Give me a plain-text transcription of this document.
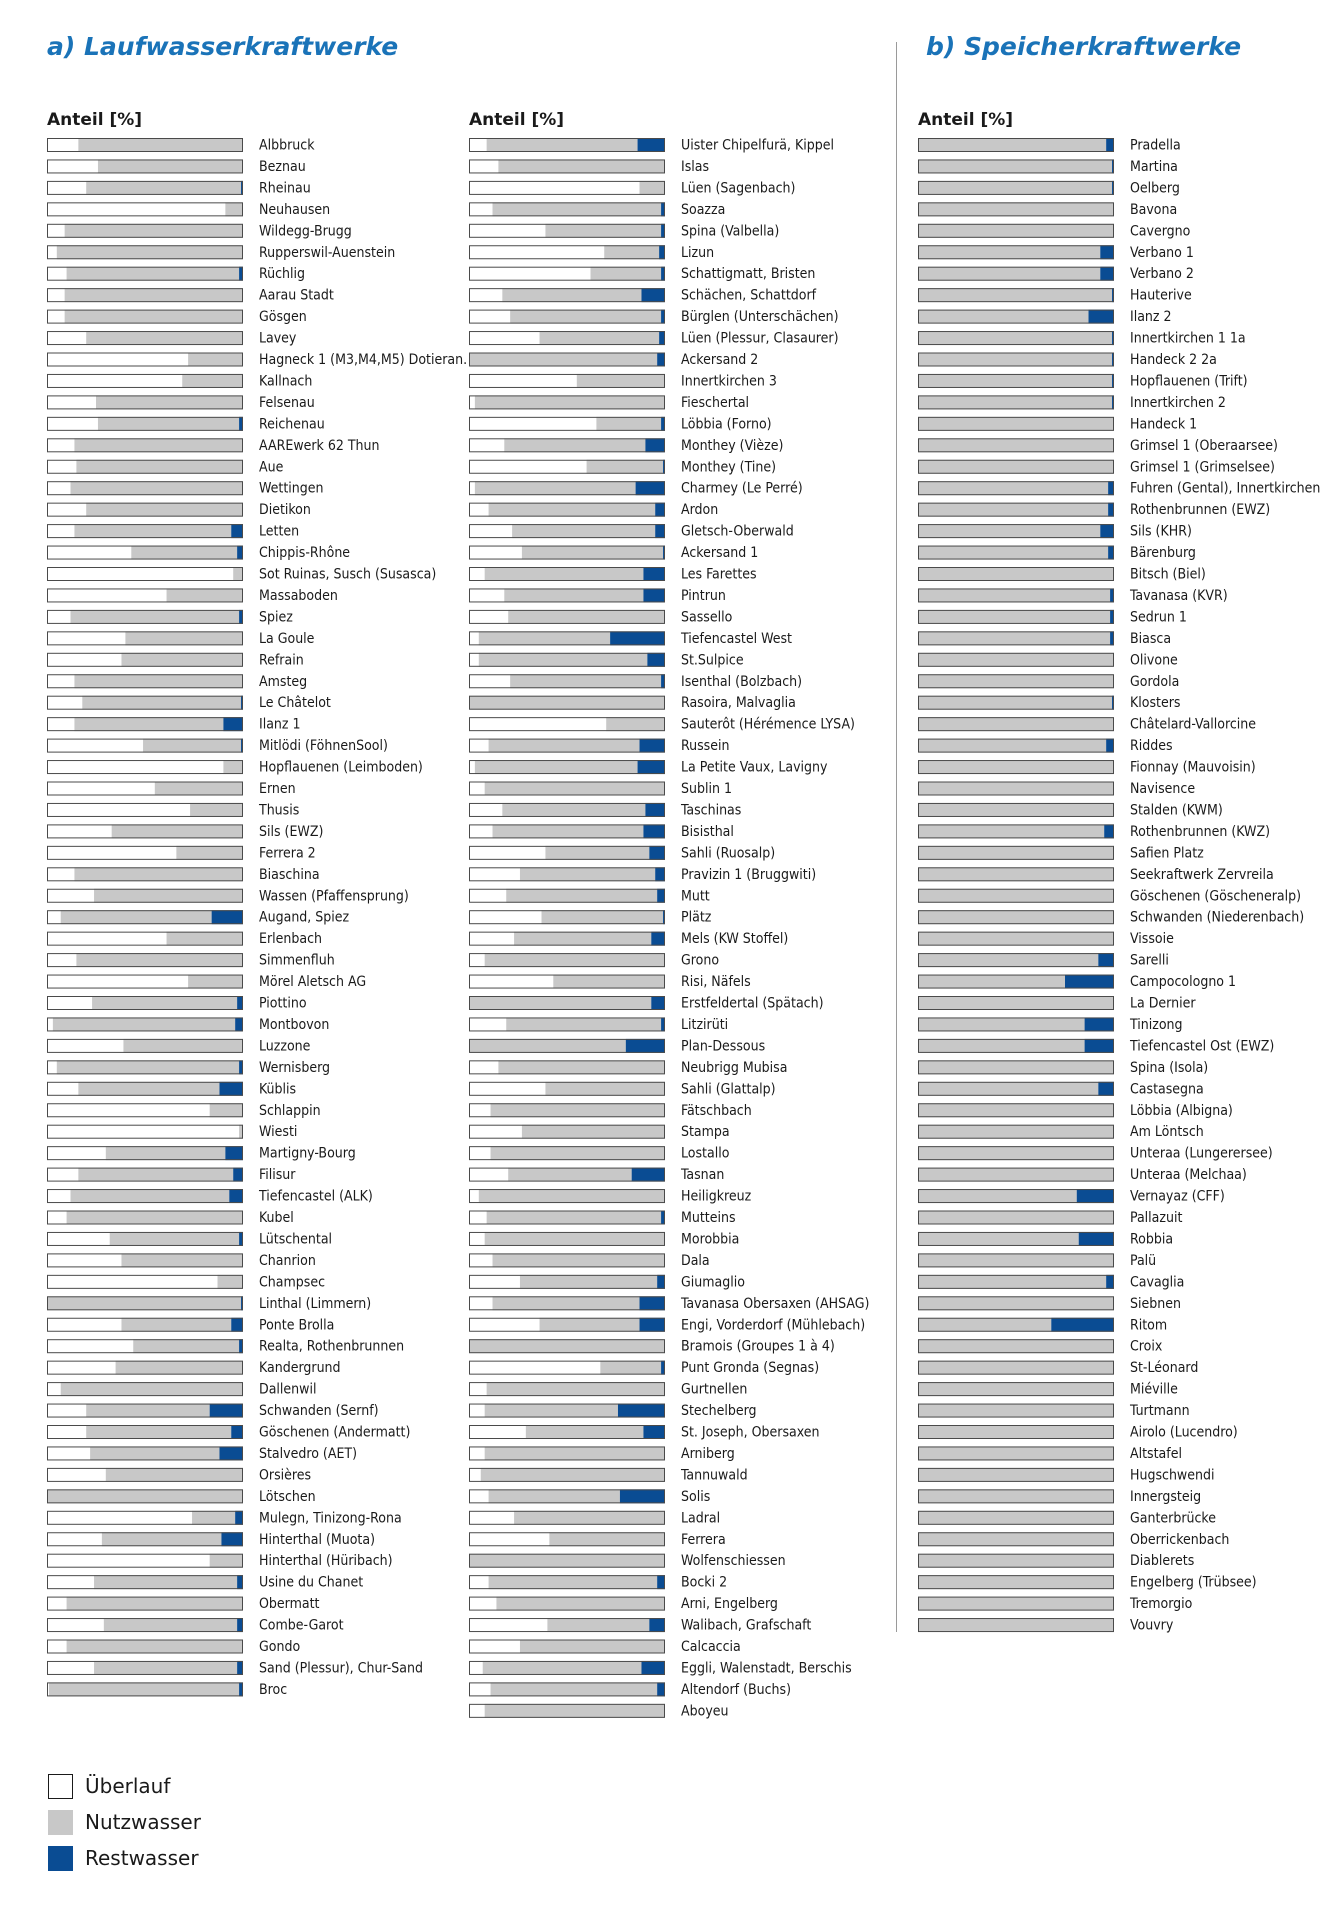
a) Laufwasserkraftwerke	b) Speicherkraftwerke
Anteil [%]	Anteil [%]	Anteil [%]
Albbruck
Beznau
Rheinau
Neuhausen
Wildegg-Brugg
Rupperswil-Auenstein
Rüchlig
Aarau Stadt
Gösgen
Lavey
Hagneck 1 (M3,M4,M5) Dotieran.
Kallnach
Felsenau
Reichenau
AAREwerk 62 Thun
Aue
Wettingen
Dietikon
Letten
Chippis-Rhône
Sot Ruinas, Susch (Susasca)
Massaboden
Spiez
La Goule
Refrain
Amsteg
Le Châtelot
Ilanz 1
Mitlödi (FöhnenSool)
Hopflauenen (Leimboden)
Ernen
Thusis
Sils (EWZ)
Ferrera 2
Biaschina
Wassen (Pfaffensprung)
Augand, Spiez
Erlenbach
Simmenfluh
Mörel Aletsch AG
Piottino
Montbovon
Luzzone
Wernisberg
Küblis
Schlappin
Wiesti
Martigny-Bourg
Filisur
Tiefencastel (ALK)
Kubel
Lütschental
Chanrion
Champsec
Linthal (Limmern)
Ponte Brolla
Realta, Rothenbrunnen
Kandergrund
Dallenwil
Schwanden (Sernf)
Göschenen (Andermatt)
Stalvedro (AET)
Orsières
Lötschen
Mulegn, Tinizong-Rona
Hinterthal (Muota)
Hinterthal (Hüribach)
Usine du Chanet
Obermatt
Combe-Garot
Gondo
Sand (Plessur), Chur-Sand
Broc
Uister Chipelfurä, Kippel
Islas
Lüen (Sagenbach)
Soazza
Spina (Valbella)
Lizun
Schattigmatt, Bristen
Schächen, Schattdorf
Bürglen (Unterschächen)
Lüen (Plessur, Clasaurer)
Ackersand 2
Innertkirchen 3
Fieschertal
Löbbia (Forno)
Monthey (Vièze)
Monthey (Tine)
Charmey (Le Perré)
Ardon
Gletsch-Oberwald
Ackersand 1
Les Farettes
Pintrun
Sassello
Tiefencastel West
St.Sulpice
Isenthal (Bolzbach)
Rasoira, Malvaglia
Sauterôt (Hérémence LYSA)
Russein
La Petite Vaux, Lavigny
Sublin 1
Taschinas
Bisisthal
Sahli (Ruosalp)
Pravizin 1 (Bruggwiti)
Mutt
Plätz
Mels (KW Stoffel)
Grono
Risi, Näfels
Erstfeldertal (Spätach)
Litzirüti
Plan-Dessous
Neubrigg Mubisa
Sahli (Glattalp)
Fätschbach
Stampa
Lostallo
Tasnan
Heiligkreuz
Mutteins
Morobbia
Dala
Giumaglio
Tavanasa Obersaxen (AHSAG)
Engi, Vorderdorf (Mühlebach)
Bramois (Groupes 1 à 4)
Punt Gronda (Segnas)
Gurtnellen
Stechelberg
St. Joseph, Obersaxen
Arniberg
Tannuwald
Solis
Ladral
Ferrera
Wolfenschiessen
Bocki 2
Arni, Engelberg
Walibach, Grafschaft
Calcaccia
Eggli, Walenstadt, Berschis
Altendorf (Buchs)
Aboyeu
Pradella
Martina
Oelberg
Bavona
Cavergno
Verbano 1
Verbano 2
Hauterive
Ilanz 2
Innertkirchen 1 1a
Handeck 2 2a
Hopflauenen (Trift)
Innertkirchen 2
Handeck 1
Grimsel 1 (Oberaarsee)
Grimsel 1 (Grimselsee)
Fuhren (Gental), Innertkirchen
Rothenbrunnen (EWZ)
Sils (KHR)
Bärenburg
Bitsch (Biel)
Tavanasa (KVR)
Sedrun 1
Biasca
Olivone
Gordola
Klosters
Châtelard-Vallorcine
Riddes
Fionnay (Mauvoisin)
Navisence
Stalden (KWM)
Rothenbrunnen (KWZ)
Safien Platz
Seekraftwerk Zervreila
Göschenen (Göscheneralp)
Schwanden (Niederenbach)
Vissoie
Sarelli
Campocologno 1
La Dernier
Tinizong
Tiefencastel Ost (EWZ)
Spina (Isola)
Castasegna
Löbbia (Albigna)
Am Löntsch
Unteraa (Lungerersee)
Unteraa (Melchaa)
Vernayaz (CFF)
Pallazuit
Robbia
Palü
Cavaglia
Siebnen
Ritom
Croix
St-Léonard
Miéville
Turtmann
Airolo (Lucendro)
Altstafel
Hugschwendi
Innergsteig
Ganterbrücke
Oberrickenbach
Diablerets
Engelberg (Trübsee)
Tremorgio
Vouvry
Überlauf
Nutzwasser
Restwasser
